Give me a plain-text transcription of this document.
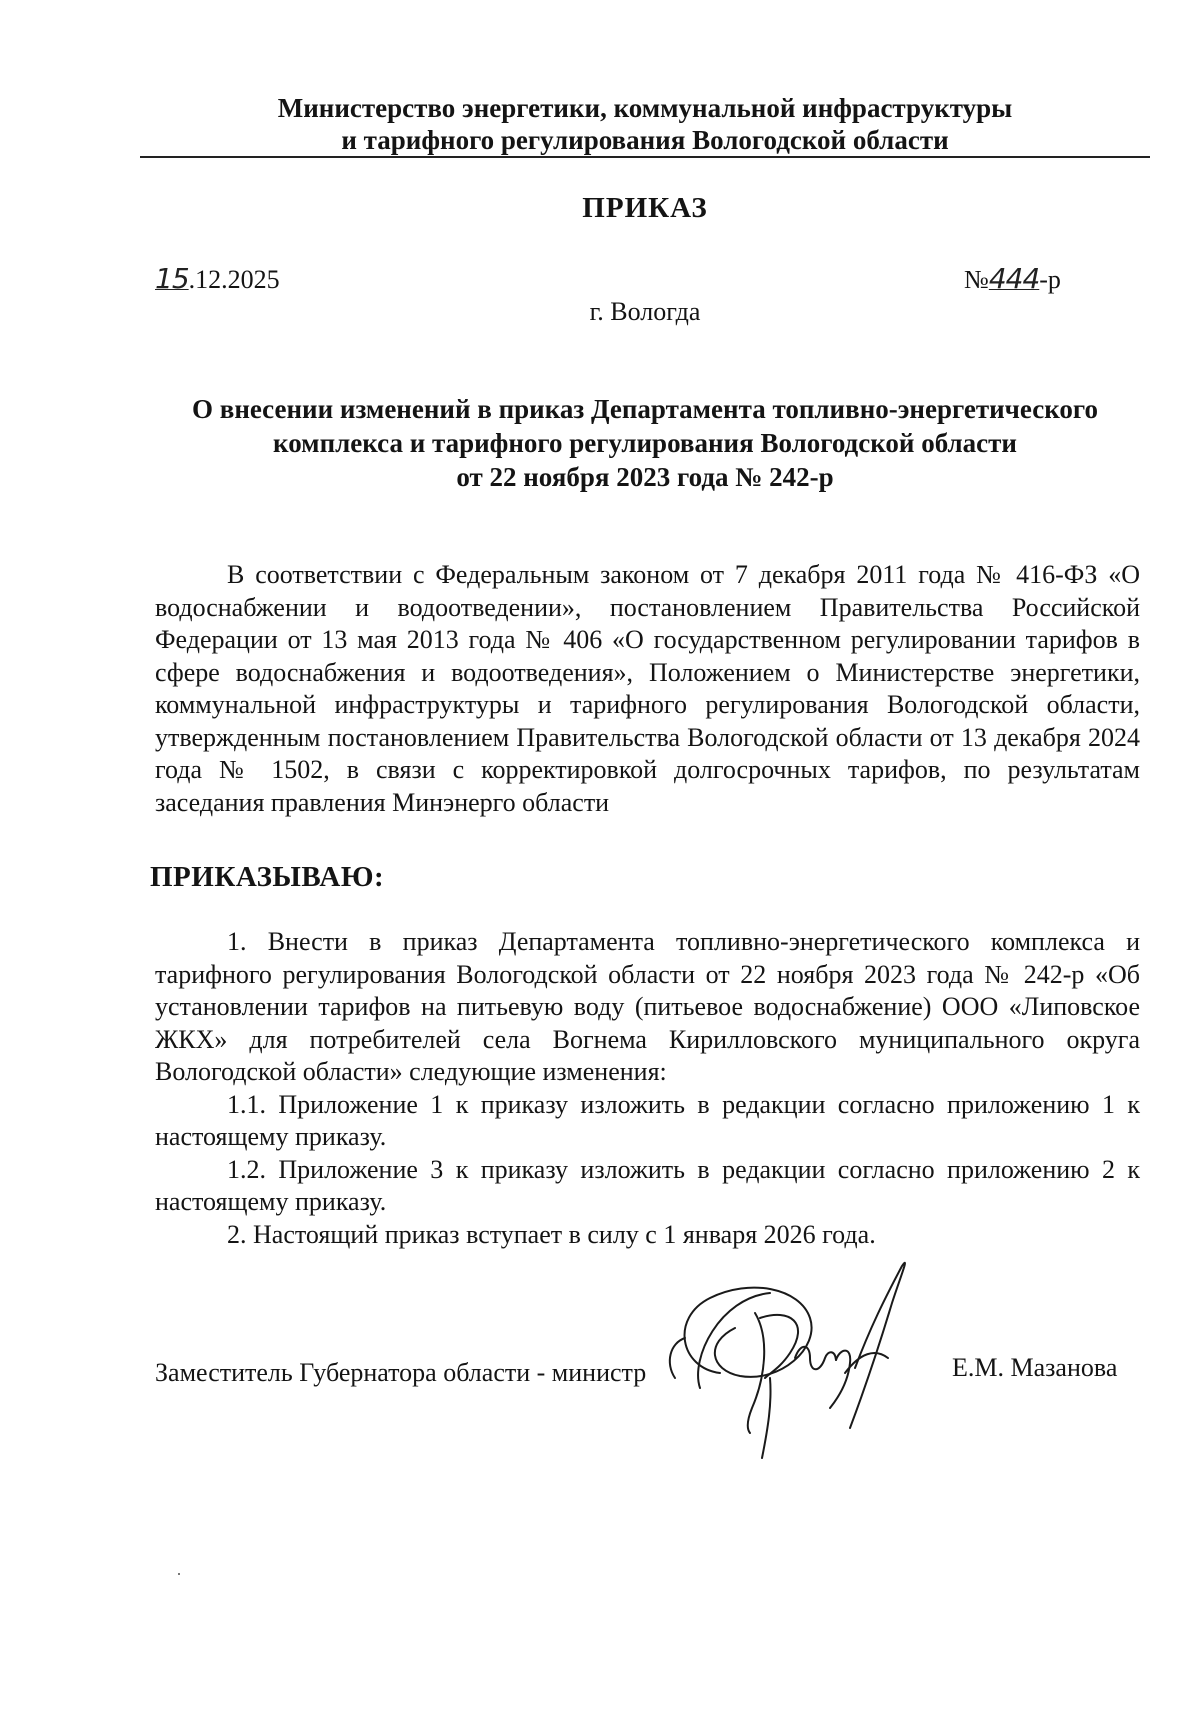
Министерство энергетики, коммунальной инфраструктуры
и тарифного регулирования Вологодской области
ПРИКАЗ
15.12.2025	№444-р
г. Вологда
О внесении изменений в приказ Департамента топливно-энергетического
комплекса и тарифного регулирования Вологодской области
от 22 ноября 2023 года № 242-р
В соответствии с Федеральным законом от 7 декабря 2011 года № 416-ФЗ «О водоснабжении и водоотведении», постановлением Правительства Российской Федерации от 13 мая 2013 года № 406 «О государственном регулировании тарифов в сфере водоснабжения и водоотведения», Положением о Министерстве энергетики, коммунальной инфраструктуры и тарифного регулирования Вологодской области, утвержденным постановлением Правительства Вологодской области от 13 декабря 2024 года № 1502, в связи с корректировкой долгосрочных тарифов, по результатам заседания правления Минэнерго области
ПРИКАЗЫВАЮ:

1. Внести в приказ Департамента топливно-энергетического комплекса и тарифного регулирования Вологодской области от 22 ноября 2023 года № 242-р «Об установлении тарифов на питьевую воду (питьевое водоснабжение) ООО «Липовское ЖКХ» для потребителей села Вогнема Кирилловского муниципального округа Вологодской области» следующие изменения:

1.1. Приложение 1 к приказу изложить в редакции согласно приложению 1 к настоящему приказу.

1.2. Приложение 3 к приказу изложить в редакции согласно приложению 2 к настоящему приказу.

2. Настоящий приказ вступает в силу с 1 января 2026 года.

Заместитель Губернатора области - министр	Е.М. Мазанова
